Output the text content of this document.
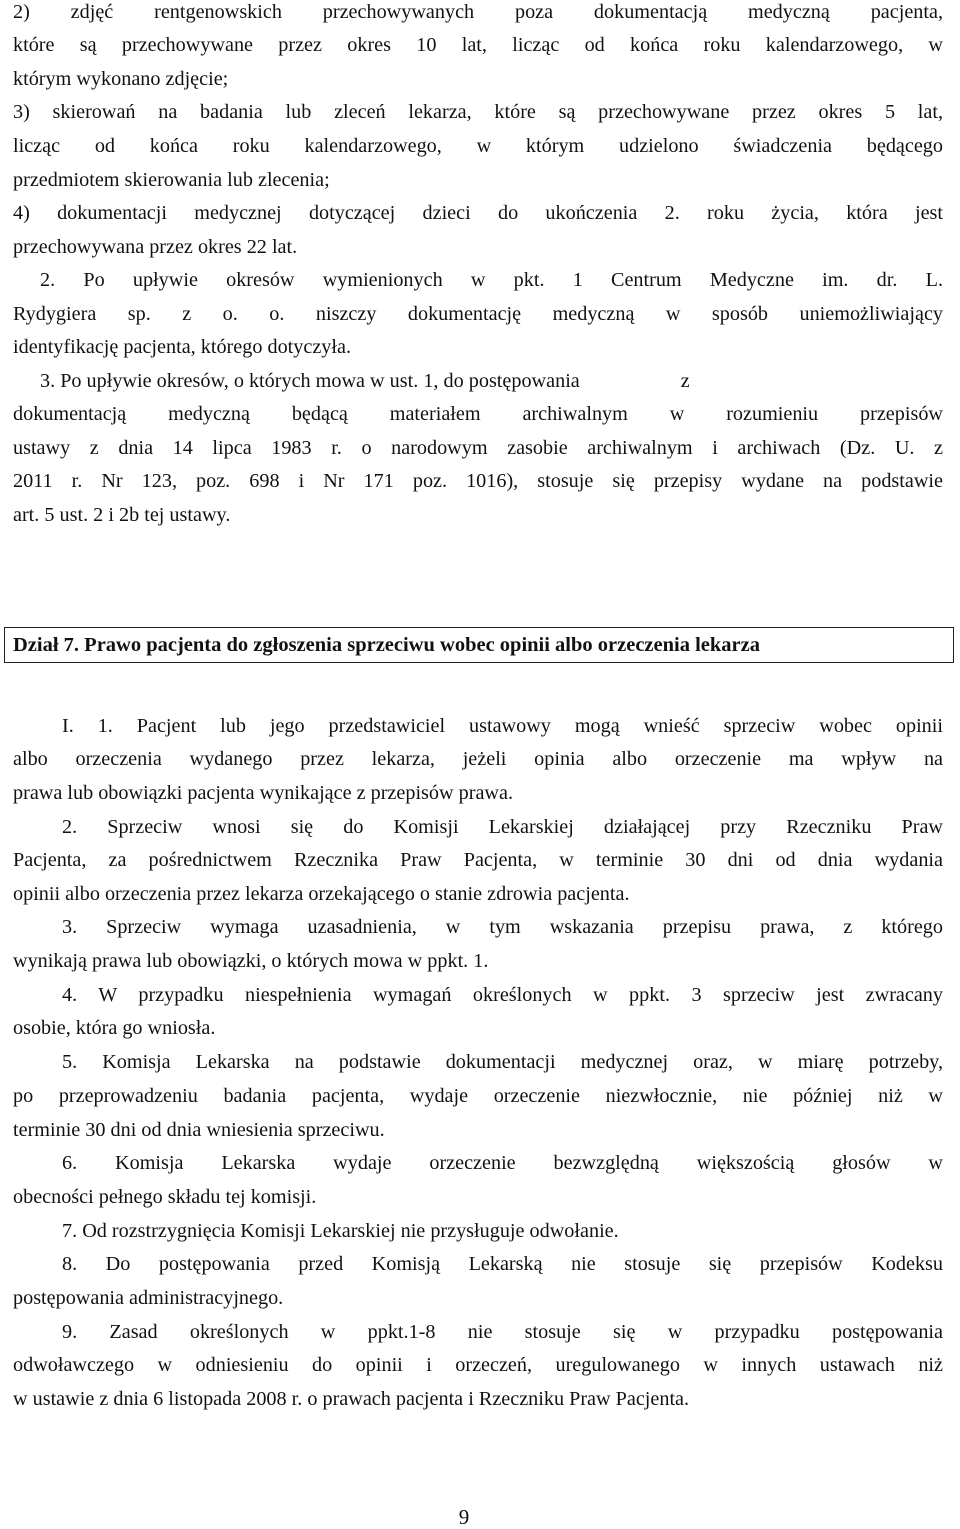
2) zdjęć rentgenowskich przechowywanych poza dokumentacją medyczną pacjenta,
które są przechowywane przez okres 10 lat, licząc od końca roku kalendarzowego, w
którym wykonano zdjęcie;
3) skierowań na badania lub zleceń lekarza, które są przechowywane przez okres 5 lat,
licząc od końca roku kalendarzowego, w którym udzielono świadczenia będącego
przedmiotem skierowania lub zlecenia;
4) dokumentacji medycznej dotyczącej dzieci do ukończenia 2. roku życia, która jest
przechowywana przez okres 22 lat.
2. Po upływie okresów wymienionych w pkt. 1 Centrum Medyczne im. dr. L.
Rydygiera sp. z o. o. niszczy dokumentację medyczną w sposób uniemożliwiający
identyfikację pacjenta, którego dotyczyła.
3. Po upływie okresów, o których mowa w ust. 1, do postępowania                    z
dokumentacją medyczną będącą materiałem archiwalnym w rozumieniu przepisów
ustawy z dnia 14 lipca 1983 r. o narodowym zasobie archiwalnym i archiwach (Dz. U. z
2011 r. Nr 123, poz. 698 i Nr 171 poz. 1016), stosuje się przepisy wydane na podstawie
art. 5 ust. 2 i 2b tej ustawy.
Dział 7. Prawo pacjenta do zgłoszenia sprzeciwu wobec opinii albo orzeczenia lekarza
I. 1. Pacjent lub jego przedstawiciel ustawowy mogą wnieść sprzeciw wobec opinii
albo orzeczenia wydanego przez lekarza, jeżeli opinia albo orzeczenie ma wpływ na
prawa lub obowiązki pacjenta wynikające z przepisów prawa.
2. Sprzeciw wnosi się do Komisji Lekarskiej działającej przy Rzeczniku Praw
Pacjenta, za pośrednictwem Rzecznika Praw Pacjenta, w terminie 30 dni od dnia wydania
opinii albo orzeczenia przez lekarza orzekającego o stanie zdrowia pacjenta.
3. Sprzeciw wymaga uzasadnienia, w tym wskazania przepisu prawa, z którego
wynikają prawa lub obowiązki, o których mowa w ppkt. 1.
4. W przypadku niespełnienia wymagań określonych w ppkt. 3 sprzeciw jest zwracany
osobie, która go wniosła.
5. Komisja Lekarska na podstawie dokumentacji medycznej oraz, w miarę potrzeby,
po przeprowadzeniu badania pacjenta, wydaje orzeczenie niezwłocznie, nie później niż w
terminie 30 dni od dnia wniesienia sprzeciwu.
6. Komisja Lekarska wydaje orzeczenie bezwzględną większością głosów w
obecności pełnego składu tej komisji.
7. Od rozstrzygnięcia Komisji Lekarskiej nie przysługuje odwołanie.
8. Do postępowania przed Komisją Lekarską nie stosuje się przepisów Kodeksu
postępowania administracyjnego.
9. Zasad określonych w ppkt.1-8 nie stosuje się w przypadku postępowania
odwoławczego w odniesieniu do opinii i orzeczeń, uregulowanego w innych ustawach niż
w ustawie z dnia 6 listopada 2008 r. o prawach pacjenta i Rzeczniku Praw Pacjenta.
9
